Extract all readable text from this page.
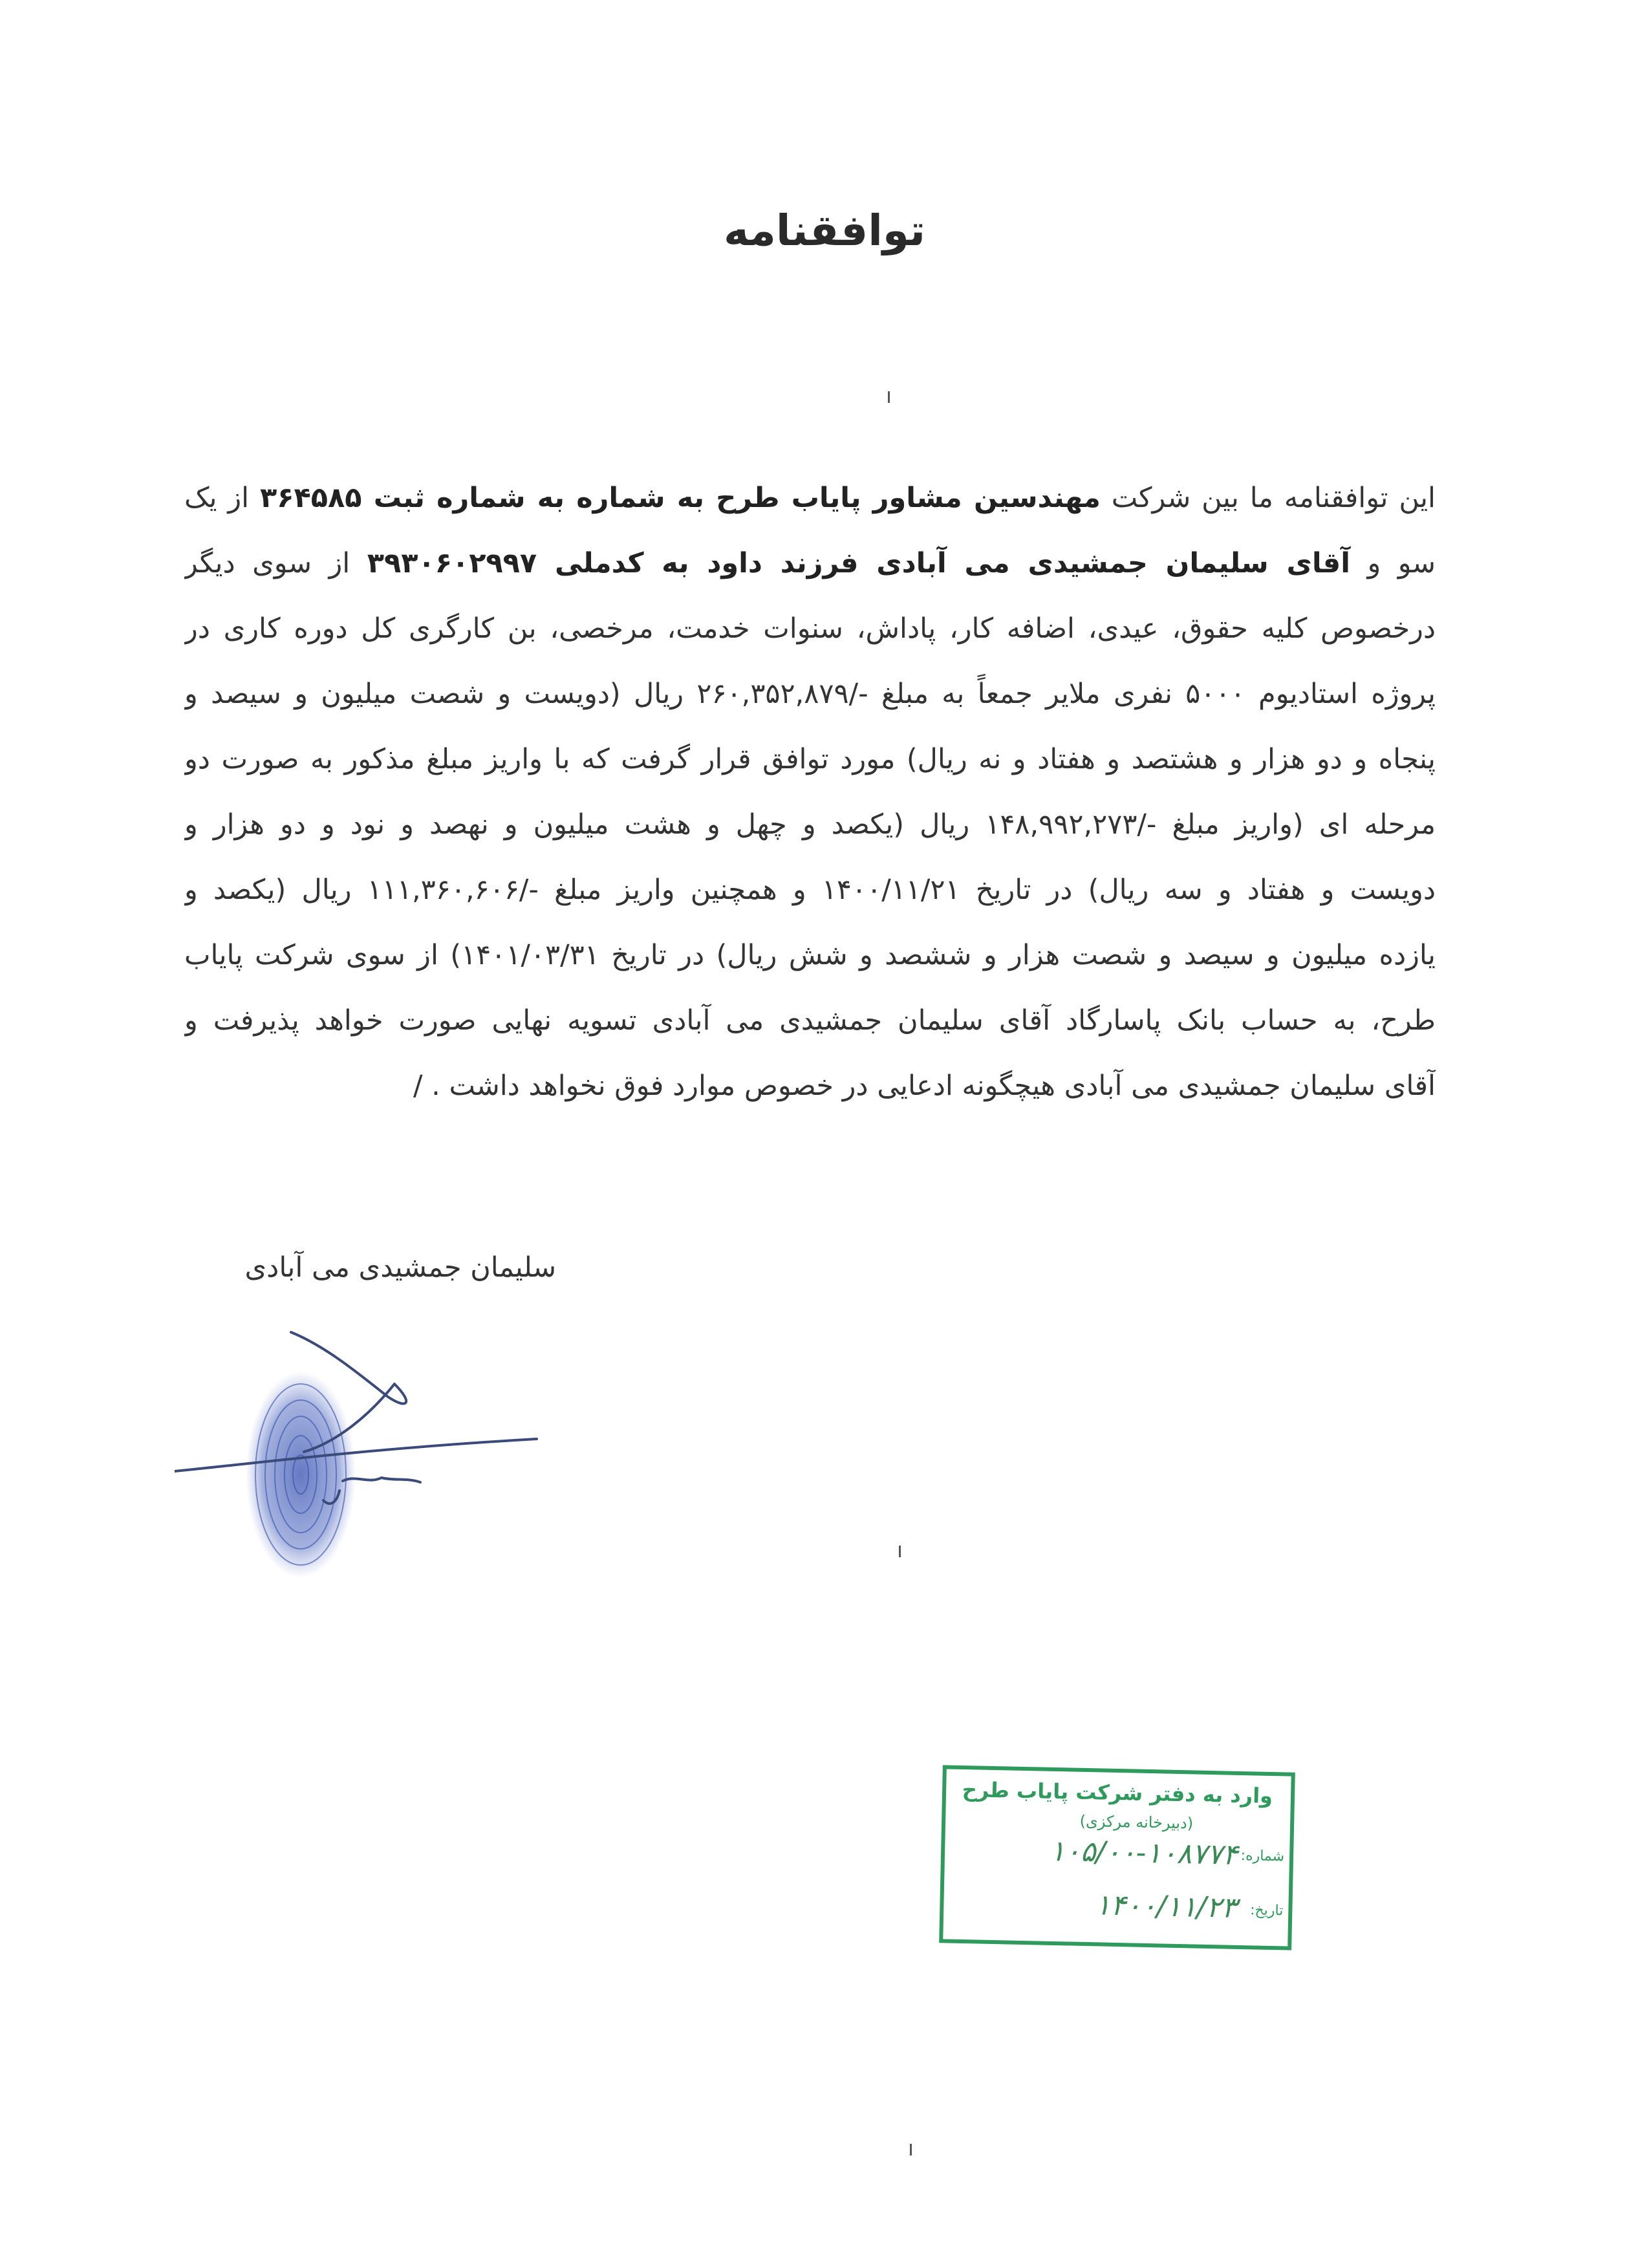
توافقنامه
این توافقنامه ما بین شرکت مهندسین مشاور پایاب طرح به شماره به شماره ثبت ۳۶۴۵۸۵ از یک
سو و آقای سلیمان جمشیدی می آبادی فرزند داود به کدملی ۳۹۳۰۶۰۲۹۹۷ از سوی دیگر
درخصوص کلیه حقوق، عیدی، اضافه کار، پاداش، سنوات خدمت، مرخصی، بن کارگری کل دوره کاری در
پروژه استادیوم ۵۰۰۰ نفری ملایر جمعاً به مبلغ -/۲۶۰,۳۵۲,۸۷۹ ریال (دویست و شصت میلیون و سیصد و
پنجاه و دو هزار و هشتصد و هفتاد و نه ریال) مورد توافق قرار گرفت که با واریز مبلغ مذکور به صورت دو
مرحله ای (واریز مبلغ -/۱۴۸,۹۹۲,۲۷۳ ریال (یکصد و چهل و هشت میلیون و نهصد و نود و دو هزار و
دویست و هفتاد و سه ریال) در تاریخ ۱۴۰۰/۱۱/۲۱ و همچنین واریز مبلغ -/۱۱۱,۳۶۰,۶۰۶ ریال (یکصد و
یازده میلیون و سیصد و شصت هزار و ششصد و شش ریال) در تاریخ ۱۴۰۱/۰۳/۳۱) از سوی شرکت پایاب
طرح، به حساب بانک پاسارگاد آقای سلیمان جمشیدی می آبادی تسویه نهایی صورت خواهد پذیرفت و
آقای سلیمان جمشیدی می آبادی هیچگونه ادعایی در خصوص موارد فوق نخواهد داشت . /
سلیمان جمشیدی می آبادی
وارد به دفتر شرکت پایاب طرح
(دبیرخانه مرکزی)
شماره:
۱۰۵/۰۰-۱۰۸۷۷۴
تاریخ:
۱۴۰۰/۱۱/۲۳
